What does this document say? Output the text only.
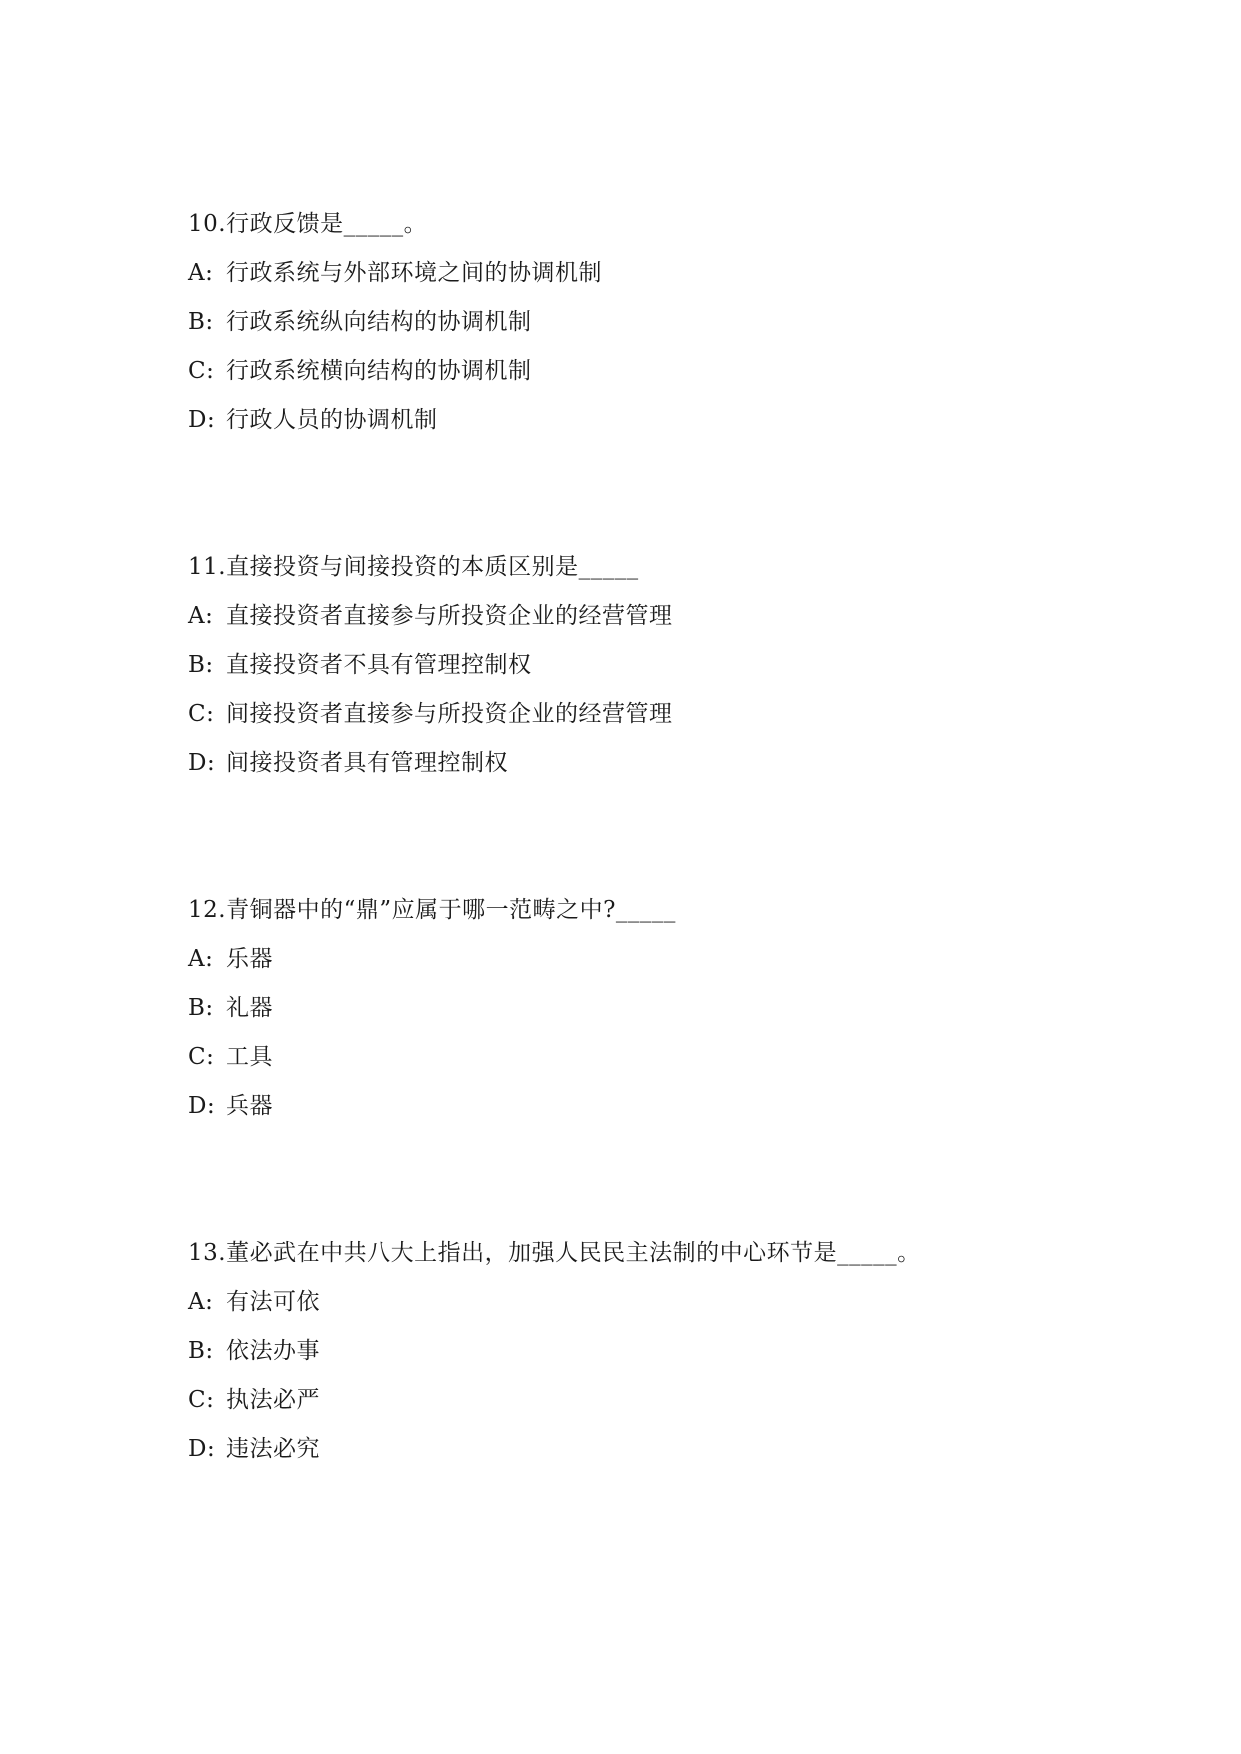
10.行政反馈是_____。
A: 行政系统与外部环境之间的协调机制
B: 行政系统纵向结构的协调机制
C: 行政系统横向结构的协调机制
D: 行政人员的协调机制
11.直接投资与间接投资的本质区别是_____
A: 直接投资者直接参与所投资企业的经营管理
B: 直接投资者不具有管理控制权
C: 间接投资者直接参与所投资企业的经营管理
D: 间接投资者具有管理控制权
12.青铜器中的“鼎”应属于哪一范畴之中?_____
A: 乐器
B: 礼器
C: 工具
D: 兵器
13.董必武在中共八大上指出，加强人民民主法制的中心环节是_____。
A: 有法可依
B: 依法办事
C: 执法必严
D: 违法必究
